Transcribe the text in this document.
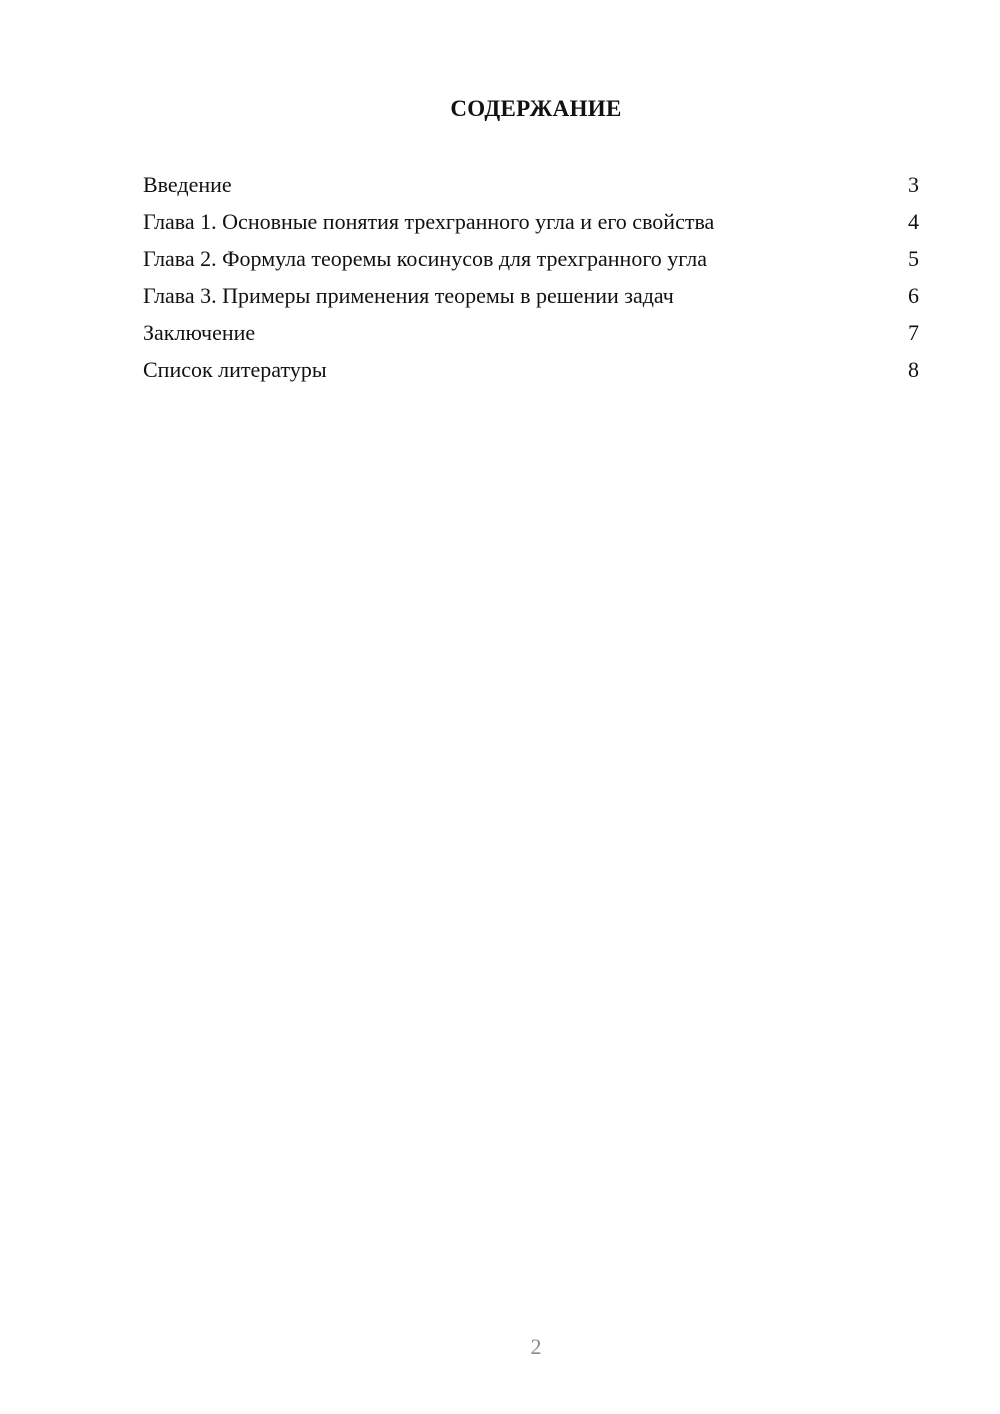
СОДЕРЖАНИЕ
Введение	3
Глава 1. Основные понятия трехгранного угла и его свойства	4
Глава 2. Формула теоремы косинусов для трехгранного угла	5
Глава 3. Примеры применения теоремы в решении задач	6
Заключение	7
Список литературы	8
2
